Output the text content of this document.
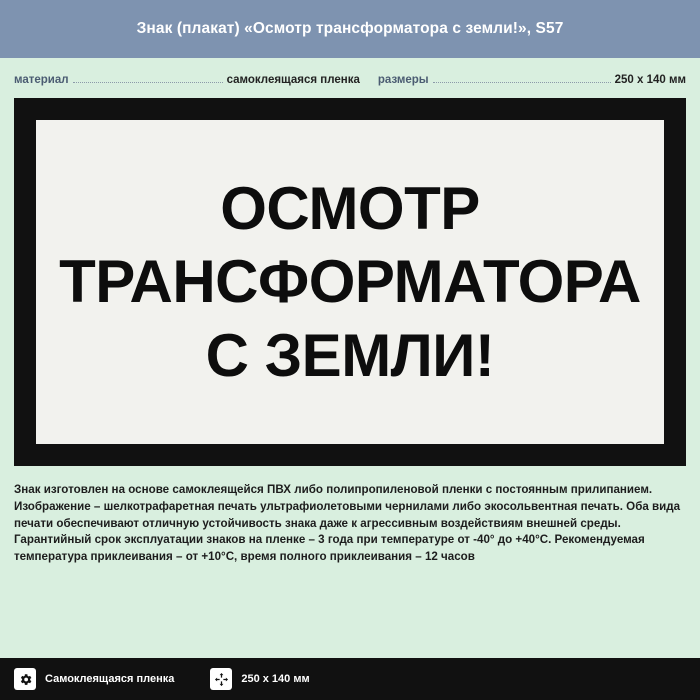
Знак (плакат) «Осмотр трансформатора с земли!», S57
материал	самоклеящаяся пленка размеры	250 x 140 мм
ОСМОТР
ТРАНСФОРМАТОРА
С ЗЕМЛИ!
Знак изготовлен на основе самоклеящейся ПВХ либо полипропиленовой пленки с постоянным прилипанием. Изображение – шелкотрафаретная печать ультрафиолетовыми чернилами либо экосольвентная печать. Оба вида печати обеспечивают отличную устойчивость знака даже к агрессивным воздействиям внешней среды. Гарантийный срок эксплуатации знаков на пленке – 3 года при температуре от -40° до +40°С. Рекомендуемая температура приклеивания – от +10°С, время полного приклеивания – 12 часов
Самоклеящаяся пленка	250 x 140 мм
